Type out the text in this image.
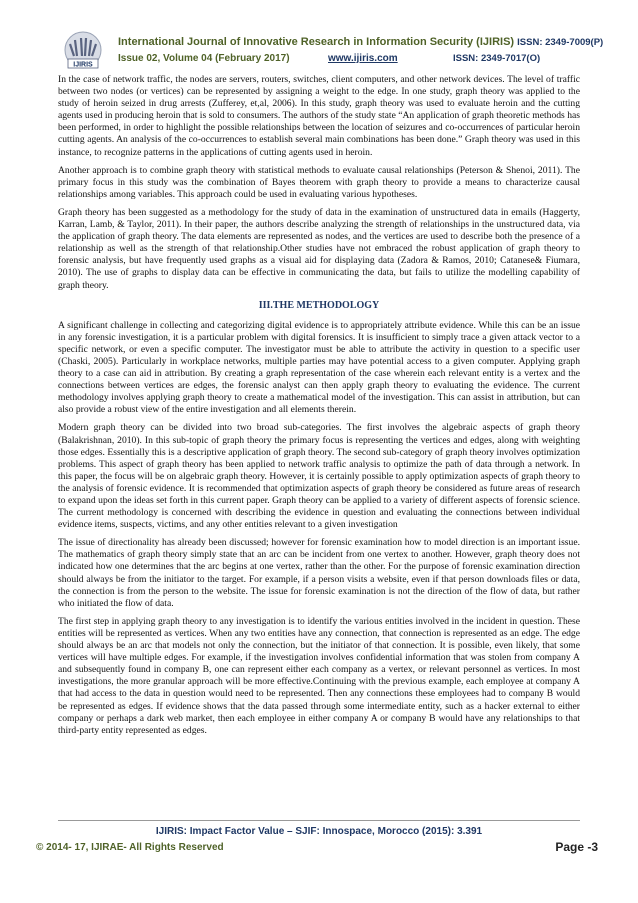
IJIRIS
International Journal of Innovative Research in Information Security (IJIRIS) ISSN: 2349-7009(P)
Issue 02, Volume 04 (February 2017)	www.ijiris.com	ISSN: 2349-7017(O)

In the case of network traffic, the nodes are servers, routers, switches, client computers, and other network devices. The level of traffic between two nodes (or vertices) can be represented by assigning a weight to the edge. In one study, graph theory was applied to the study of heroin seized in drug arrests (Zufferey, et,al, 2006). In this study, graph theory was used to evaluate heroin and the cutting agents used in producing heroin that is sold to consumers. The authors of the study state “An application of graph theoretic methods has been performed, in order to highlight the possible relationships between the location of seizures and co-occurrences of particular heroin cutting agents. An analysis of the co-occurrences to establish several main combinations has been done.” Graph theory was used in this instance, to recognize patterns in the applications of cutting agents used in heroin.

Another approach is to combine graph theory with statistical methods to evaluate causal relationships (Peterson & Shenoi, 2011). The primary focus in this study was the combination of Bayes theorem with graph theory to provide a means to characterize causal relationships among variables. This approach could be used in evaluating various hypotheses.

Graph theory has been suggested as a methodology for the study of data in the examination of unstructured data in emails (Haggerty, Karran, Lamb, & Taylor, 2011). In their paper, the authors describe analyzing the strength of relationships in the unstructured data, via the application of graph theory. The data elements are represented as nodes, and the vertices are used to describe both the presence of a relationship as well as the strength of that relationship.Other studies have not embraced the robust application of graph theory to forensic analysis, but have frequently used graphs as a visual aid for displaying data (Zadora & Ramos, 2010; Catanese& Fiumara, 2010). The use of graphs to display data can be effective in communicating the data, but fails to utilize the modelling capability of graph theory.

III.THE METHODOLOGY

A significant challenge in collecting and categorizing digital evidence is to appropriately attribute evidence. While this can be an issue in any forensic investigation, it is a particular problem with digital forensics. It is insufficient to simply trace a given attack vector to a specific network, or even a specific computer. The investigator must be able to attribute the activity in question to a specific user (Chaski, 2005). Particularly in workplace networks, multiple parties may have potential access to a given computer. Applying graph theory to a case can aid in attribution. By creating a graph representation of the case wherein each relevant entity is a vertex and the connections between vertices are edges, the forensic analyst can then apply graph theory to evaluating the evidence. The current methodology involves applying graph theory to create a mathematical model of the investigation. This can assist in attribution, but can also provide a robust view of the entire investigation and all elements therein.

Modern graph theory can be divided into two broad sub-categories. The first involves the algebraic aspects of graph theory (Balakrishnan, 2010). In this sub-topic of graph theory the primary focus is representing the vertices and edges, along with weighting those edges. Essentially this is a descriptive application of graph theory. The second sub-category of graph theory involves optimization problems. This aspect of graph theory has been applied to network traffic analysis to optimize the path of data through a network. In this paper, the focus will be on algebraic graph theory. However, it is certainly possible to apply optimization aspects of graph theory to the analysis of forensic evidence. It is recommended that optimization aspects of graph theory be considered as future areas of research to expand upon the ideas set forth in this current paper. Graph theory can be applied to a variety of different aspects of forensic science. The current methodology is concerned with describing the evidence in question and evaluating the connections between individual evidence items, suspects, victims, and any other entities relevant to a given investigation

The issue of directionality has already been discussed; however for forensic examination how to model direction is an important issue. The mathematics of graph theory simply state that an arc can be incident from one vertex to another. However, graph theory does not indicated how one determines that the arc begins at one vertex, rather than the other. For the purpose of forensic examination direction should always be from the initiator to the target. For example, if a person visits a website, even if that person downloads files or data, the connection is from the person to the website. The issue for forensic examination is not the direction of the flow of data, but rather who initiated the flow of data.

The first step in applying graph theory to any investigation is to identify the various entities involved in the incident in question. These entities will be represented as vertices. When any two entities have any connection, that connection is represented as an edge. The edge should always be an arc that models not only the connection, but the initiator of that connection. It is possible, even likely, that some vertices will have multiple edges. For example, if the investigation involves confidential information that was stolen from company A and subsequently found in company B, one can represent either each company as a vertex, or relevant personnel as vertices. In most investigations, the more granular approach will be more effective.Continuing with the previous example, each employee at company A that had access to the data in question would need to be represented. Then any connections these employees had to company B would be represented as edges. If evidence shows that the data passed through some intermediate entity, such as a hacker external to either company or perhaps a dark web market, then each employee in either company A or company B would have any relationships to that third-party entity represented as edges.

IJIRIS: Impact Factor Value – SJIF: Innospace, Morocco (2015): 3.391
© 2014- 17, IJIRAE- All Rights Reserved	Page -3
